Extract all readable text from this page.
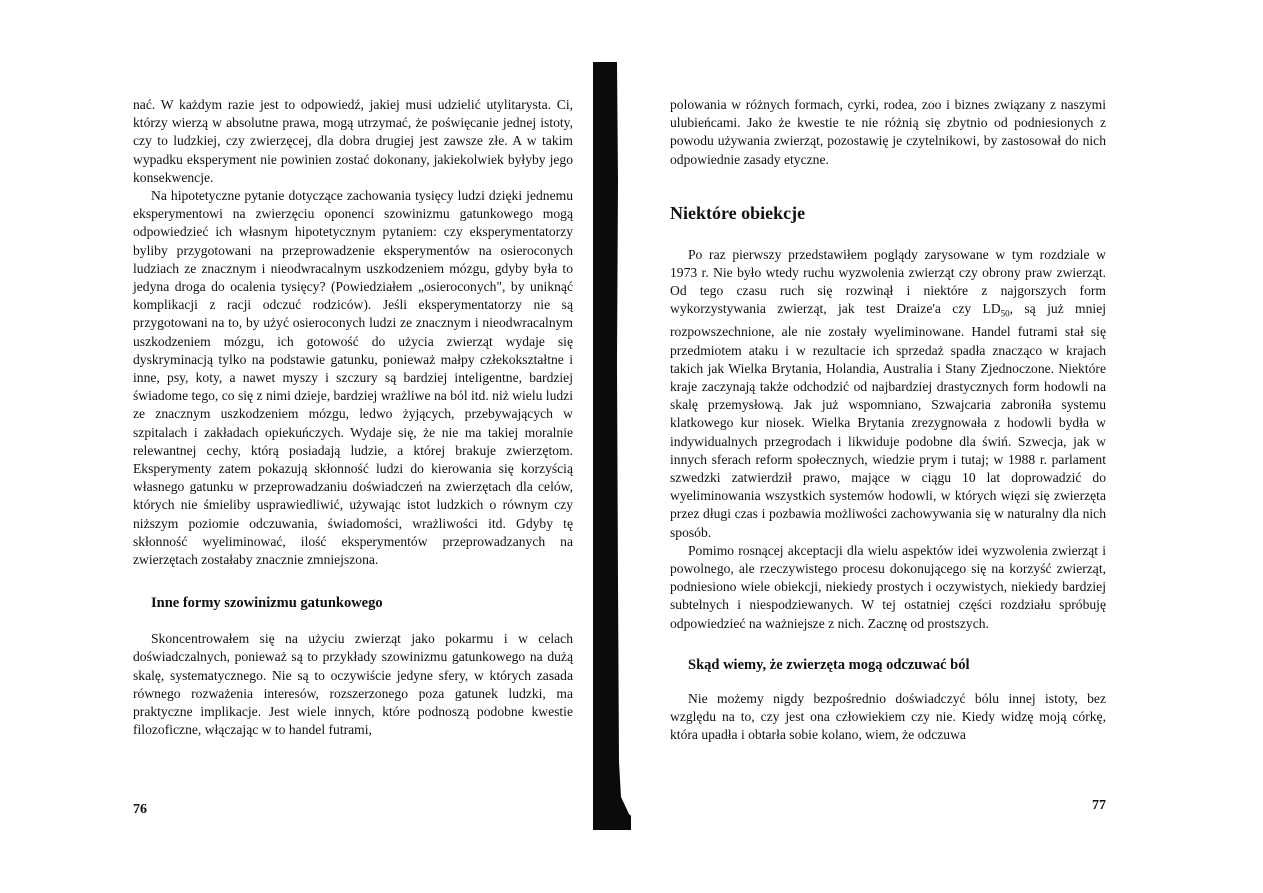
nać. W każdym razie jest to odpowiedź, jakiej musi udzielić utylitarysta. Ci, którzy wierzą w absolutne prawa, mogą utrzymać, że poświęcanie jednej istoty, czy to ludzkiej, czy zwierzęcej, dla dobra drugiej jest zawsze złe. A w takim wypadku eksperyment nie powinien zostać dokonany, jakiekolwiek byłyby jego konsekwencje.

Na hipotetyczne pytanie dotyczące zachowania tysięcy ludzi dzięki jednemu eksperymentowi na zwierzęciu oponenci szowinizmu gatunkowego mogą odpowiedzieć ich własnym hipotetycznym pytaniem: czy eksperymentatorzy byliby przygotowani na przeprowadzenie eksperymentów na osieroconych ludziach ze znacznym i nieodwracalnym uszkodzeniem mózgu, gdyby była to jedyna droga do ocalenia tysięcy? (Powiedziałem „osieroconych", by uniknąć komplikacji z racji odczuć rodziców). Jeśli eksperymentatorzy nie są przygotowani na to, by użyć osieroconych ludzi ze znacznym i nieodwracalnym uszkodzeniem mózgu, ich gotowość do użycia zwierząt wydaje się dyskryminacją tylko na podstawie gatunku, ponieważ małpy człekokształtne i inne, psy, koty, a nawet myszy i szczury są bardziej inteligentne, bardziej świadome tego, co się z nimi dzieje, bardziej wrażliwe na ból itd. niż wielu ludzi ze znacznym uszkodzeniem mózgu, ledwo żyjących, przebywających w szpitalach i zakładach opiekuńczych. Wydaje się, że nie ma takiej moralnie relewantnej cechy, którą posiadają ludzie, a której brakuje zwierzętom. Eksperymenty zatem pokazują skłonność ludzi do kierowania się korzyścią własnego gatunku w przeprowadzaniu doświadczeń na zwierzętach dla celów, których nie śmieliby usprawiedliwić, używając istot ludzkich o równym czy niższym poziomie odczuwania, świadomości, wrażliwości itd. Gdyby tę skłonność wyeliminować, ilość eksperymentów przeprowadzanych na zwierzętach zostałaby znacznie zmniejszona.

Inne formy szowinizmu gatunkowego

Skoncentrowałem się na użyciu zwierząt jako pokarmu i w celach doświadczalnych, ponieważ są to przykłady szowinizmu gatunkowego na dużą skalę, systematycznego. Nie są to oczywiście jedyne sfery, w których zasada równego rozważenia interesów, rozszerzonego poza gatunek ludzki, ma praktyczne implikacje. Jest wiele innych, które podnoszą podobne kwestie filozoficzne, włączając w to handel futrami,

76

polowania w różnych formach, cyrki, rodea, zoo i biznes związany z naszymi ulubieńcami. Jako że kwestie te nie różnią się zbytnio od podniesionych z powodu używania zwierząt, pozostawię je czytelnikowi, by zastosował do nich odpowiednie zasady etyczne.

Niektóre obiekcje

Po raz pierwszy przedstawiłem poglądy zarysowane w tym rozdziale w 1973 r. Nie było wtedy ruchu wyzwolenia zwierząt czy obrony praw zwierząt. Od tego czasu ruch się rozwinął i niektóre z najgorszych form wykorzystywania zwierząt, jak test Draize'a czy $LD_{50}$, są już mniej rozpowszechnione, ale nie zostały wyeliminowane. Handel futrami stał się przedmiotem ataku i w rezultacie ich sprzedaż spadła znacząco w krajach takich jak Wielka Brytania, Holandia, Australia i Stany Zjednoczone. Niektóre kraje zaczynają także odchodzić od najbardziej drastycznych form hodowli na skalę przemysłową. Jak już wspomniano, Szwajcaria zabroniła systemu klatkowego kur niosek. Wielka Brytania zrezygnowała z hodowli bydła w indywidualnych przegrodach i likwiduje podobne dla świń. Szwecja, jak w innych sferach reform społecznych, wiedzie prym i tutaj; w 1988 r. parlament szwedzki zatwierdził prawo, mające w ciągu 10 lat doprowadzić do wyeliminowania wszystkich systemów hodowli, w których więzi się zwierzęta przez długi czas i pozbawia możliwości zachowywania się w naturalny dla nich sposób.

Pomimo rosnącej akceptacji dla wielu aspektów idei wyzwolenia zwierząt i powolnego, ale rzeczywistego procesu dokonującego się na korzyść zwierząt, podniesiono wiele obiekcji, niekiedy prostych i oczywistych, niekiedy bardziej subtelnych i niespodziewanych. W tej ostatniej części rozdziału spróbuję odpowiedzieć na ważniejsze z nich. Zacznę od prostszych.

Skąd wiemy, że zwierzęta mogą odczuwać ból

Nie możemy nigdy bezpośrednio doświadczyć bólu innej istoty, bez względu na to, czy jest ona człowiekiem czy nie. Kiedy widzę moją córkę, która upadła i obtarła sobie kolano, wiem, że odczuwa

77
